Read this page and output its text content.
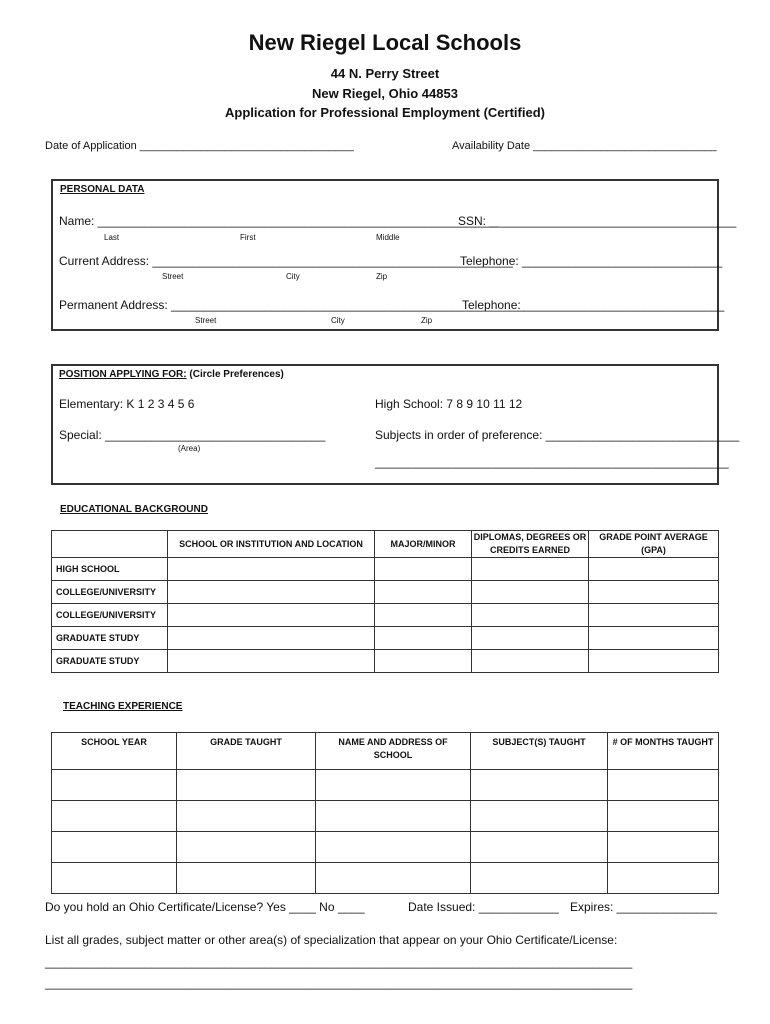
New Riegel Local Schools
44 N. Perry Street
New Riegel, Ohio 44853
Application for Professional Employment (Certified)
Date of Application ___________________________________	Availability Date ______________________________
PERSONAL DATA
Name: ____________________________________________________________
SSN: _____________________________________
Last	First	Middle
Current Address: ______________________________________________________
Telephone: ______________________________
Street	City	Zip
Permanent Address: _____________________________________________________
Telephone: ______________________________
Street	City	Zip
POSITION APPLYING FOR: (Circle Preferences)
Elementary: K 1 2 3 4 5 6	High School: 7 8 9 10 11 12
Special: _________________________________
(Area)
Subjects in order of preference: _____________________________
_____________________________________________________
EDUCATIONAL BACKGROUND
	SCHOOL OR INSTITUTION AND LOCATION	MAJOR/MINOR	DIPLOMAS, DEGREES OR CREDITS EARNED	GRADE POINT AVERAGE (GPA)
HIGH SCHOOL				
COLLEGE/UNIVERSITY				
COLLEGE/UNIVERSITY				
GRADUATE STUDY				
GRADUATE STUDY				
TEACHING EXPERIENCE
SCHOOL YEAR	GRADE TAUGHT	NAME AND ADDRESS OF SCHOOL	SUBJECT(S) TAUGHT	# OF MONTHS TAUGHT

Do you hold an Ohio Certificate/License? Yes ____ No ____	Date Issued: ____________ Expires: _______________
List all grades, subject matter or other area(s) of specialization that appear on your Ohio Certificate/License:
________________________________________________________________________________________
________________________________________________________________________________________
